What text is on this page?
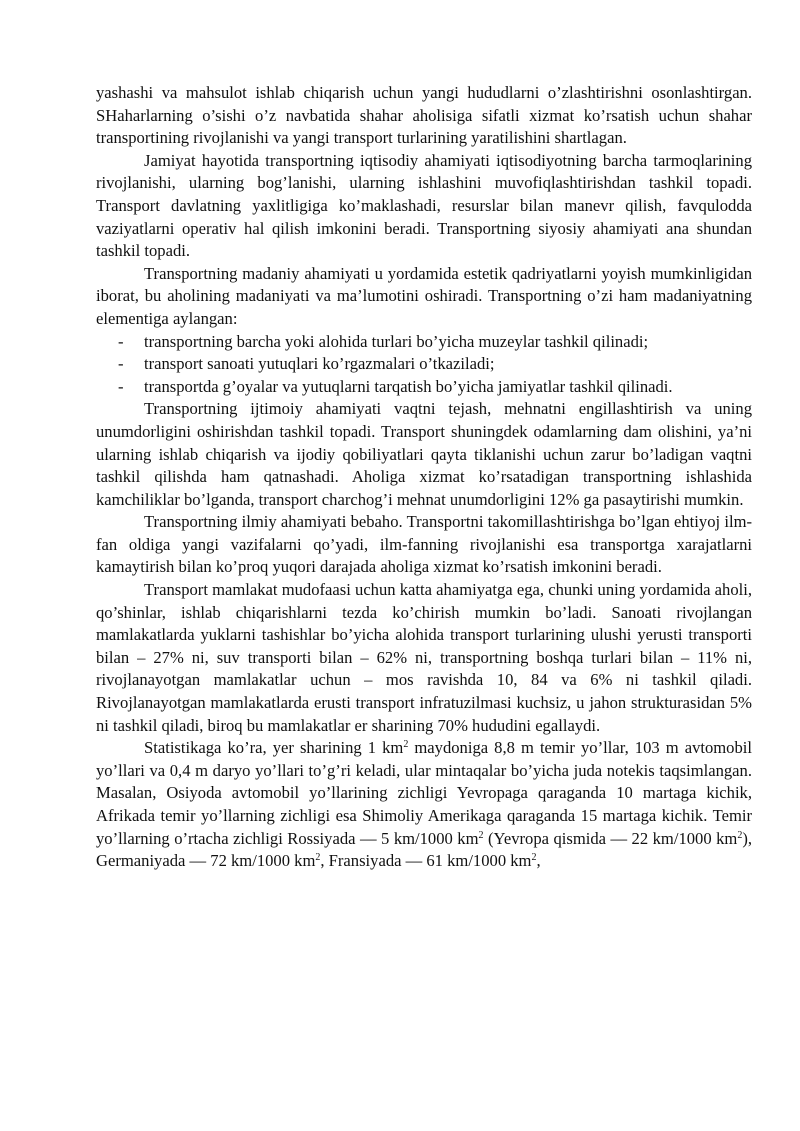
yashashi va mahsulot ishlab chiqarish uchun yangi hududlarni o’zlashtirishni osonlashtirgan. SHaharlarning o’sishi o’z navbatida shahar aholisiga sifatli xizmat ko’rsatish uchun shahar transportining rivojlanishi va yangi transport turlarining yaratilishini shartlagan.

Jamiyat hayotida transportning iqtisodiy ahamiyati iqtisodiyotning barcha tarmoqlarining rivojlanishi, ularning bog’lanishi, ularning ishlashini muvofiqlashtirishdan tashkil topadi. Transport davlatning yaxlitligiga ko’maklashadi, resurslar bilan manevr qilish, favqulodda vaziyatlarni operativ hal qilish imkonini beradi. Transportning siyosiy ahamiyati ana shundan tashkil topadi.

Transportning madaniy ahamiyati u yordamida estetik qadriyatlarni yoyish mumkinligidan iborat, bu aholining madaniyati va ma’lumotini oshiradi. Transportning o’zi ham madaniyatning elementiga aylangan:

- transportning barcha yoki alohida turlari bo’yicha muzeylar tashkil qilinadi;
- transport sanoati yutuqlari ko’rgazmalari o’tkaziladi;
- transportda g’oyalar va yutuqlarni tarqatish bo’yicha jamiyatlar tashkil qilinadi.

Transportning ijtimoiy ahamiyati vaqtni tejash, mehnatni engillashtirish va uning unumdorligini oshirishdan tashkil topadi. Transport shuningdek odamlarning dam olishini, ya’ni ularning ishlab chiqarish va ijodiy qobiliyatlari qayta tiklanishi uchun zarur bo’ladigan vaqtni tashkil qilishda ham qatnashadi. Aholiga xizmat ko’rsatadigan transportning ishlashida kamchiliklar bo’lganda, transport charchog’i mehnat unumdorligini 12% ga pasaytirishi mumkin.

Transportning ilmiy ahamiyati bebaho. Transportni takomillashtirishga bo’lgan ehtiyoj ilm-fan oldiga yangi vazifalarni qo’yadi, ilm-fanning rivojlanishi esa transportga xarajatlarni kamaytirish bilan ko’proq yuqori darajada aholiga xizmat ko’rsatish imkonini beradi.

Transport mamlakat mudofaasi uchun katta ahamiyatga ega, chunki uning yordamida aholi, qo’shinlar, ishlab chiqarishlarni tezda ko’chirish mumkin bo’ladi. Sanoati rivojlangan mamlakatlarda yuklarni tashishlar bo’yicha alohida transport turlarining ulushi yerusti transporti bilan – 27% ni, suv transporti bilan – 62% ni, transportning boshqa turlari bilan – 11% ni, rivojlanayotgan mamlakatlar uchun – mos ravishda 10, 84 va 6% ni tashkil qiladi. Rivojlanayotgan mamlakatlarda erusti transport infratuzilmasi kuchsiz, u jahon strukturasidan 5% ni tashkil qiladi, biroq bu mamlakatlar er sharining 70% hududini egallaydi.

Statistikaga ko’ra, yer sharining 1 $km^2$ maydoniga 8,8 m temir yo’llar, 103 m avtomobil yo’llari va 0,4 m daryo yo’llari to’g’ri keladi, ular mintaqalar bo’yicha juda notekis taqsimlangan. Masalan, Osiyoda avtomobil yo’llarining zichligi Yevropaga qaraganda 10 martaga kichik, Afrikada temir yo’llarning zichligi esa Shimoliy Amerikaga qaraganda 15 martaga kichik. Temir yo’llarning o’rtacha zichligi Rossiyada — 5 km/1000 $km^2$ (Yevropa qismida — 22 km/1000 $km^2$), Germaniyada — 72 km/1000 $km^2$, Fransiyada — 61 km/1000 $km^2$,
